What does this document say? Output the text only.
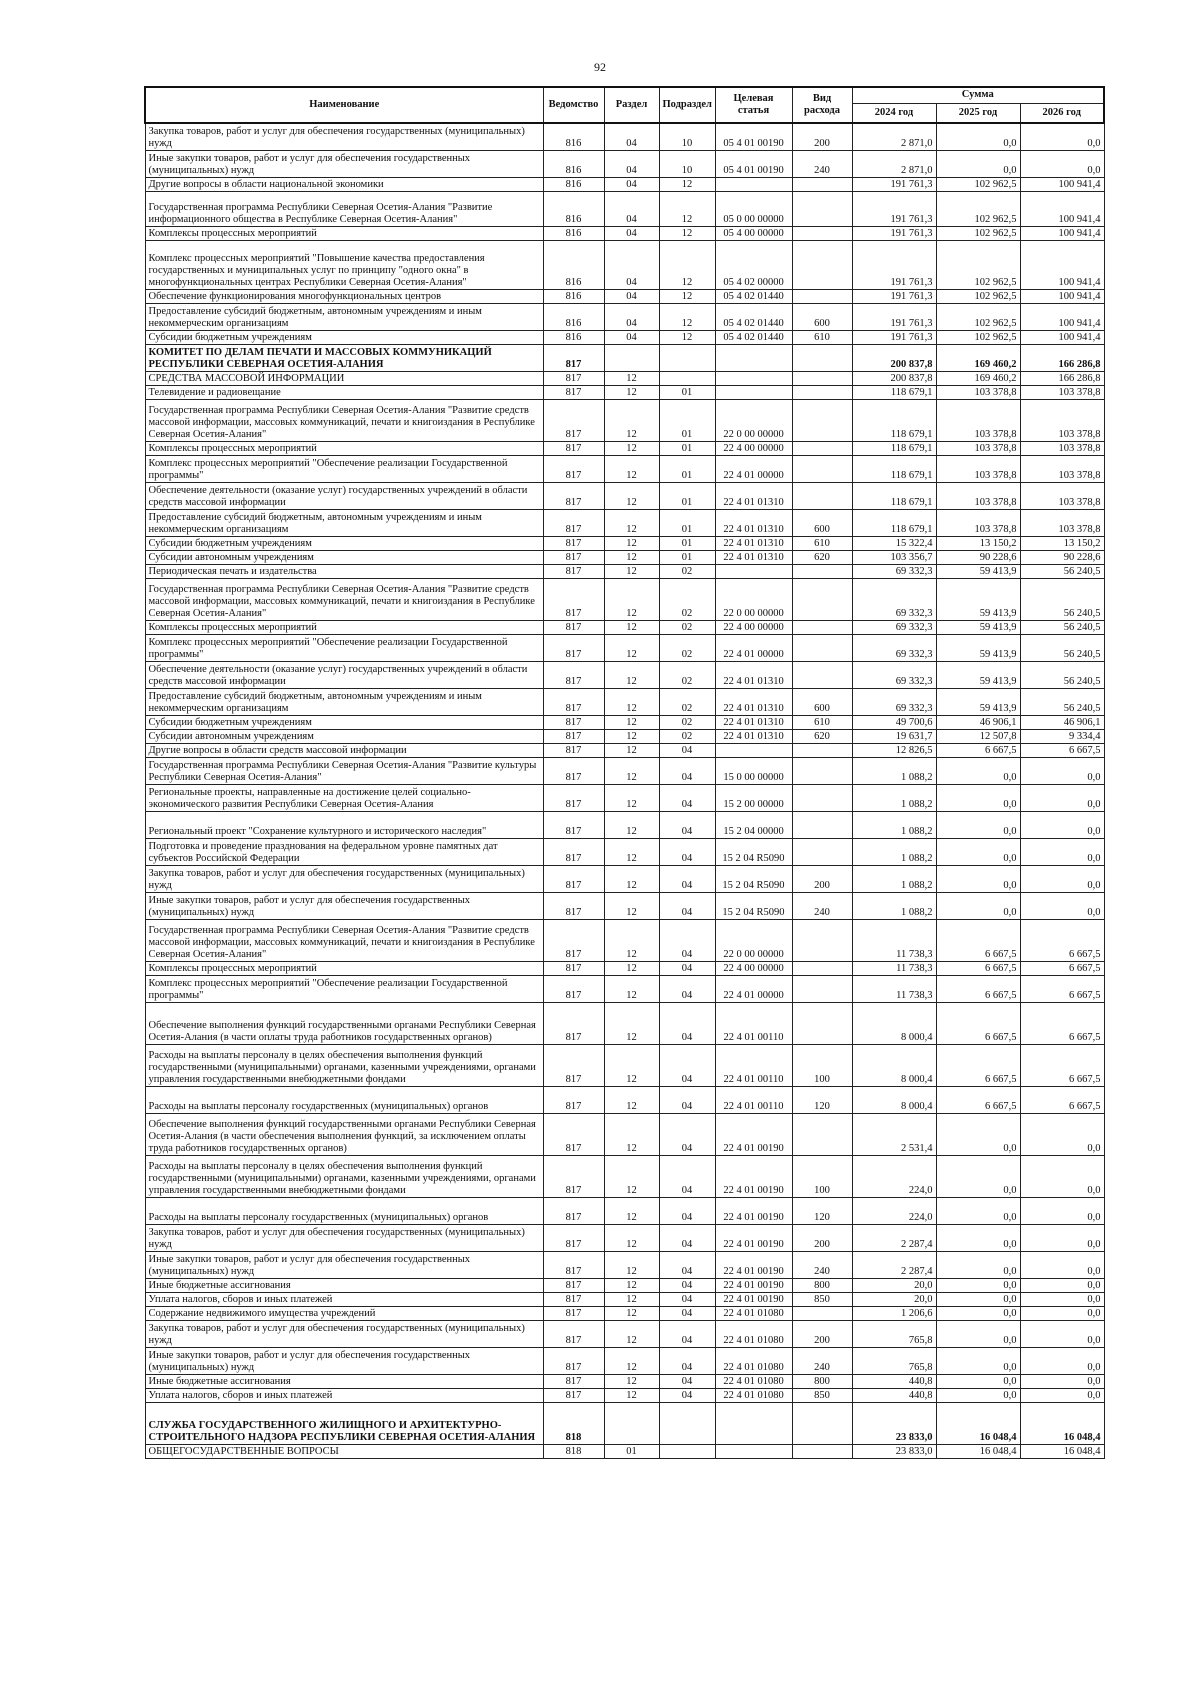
92
Наименование	Ведомство	Раздел	Подраздел	Целевая статья	Вид расхода	Сумма		
						2024 год	2025 год	2026 год
Закупка товаров, работ и услуг для обеспечения государственных (муниципальных) нужд	816	04	10	05 4 01 00190	200	2 871,0	0,0	0,0
Иные закупки товаров, работ и услуг для обеспечения государственных (муниципальных) нужд	816	04	10	05 4 01 00190	240	2 871,0	0,0	0,0
Другие вопросы в области национальной экономики	816	04	12			191 761,3	102 962,5	100 941,4
Государственная программа Республики Северная Осетия-Алания "Развитие информационного общества в Республике Северная Осетия-Алания"	816	04	12	05 0 00 00000		191 761,3	102 962,5	100 941,4
Комплексы процессных мероприятий	816	04	12	05 4 00 00000		191 761,3	102 962,5	100 941,4
Комплекс процессных мероприятий "Повышение качества предоставления государственных и муниципальных услуг по принципу "одного окна" в многофункциональных центрах Республики Северная Осетия-Алания"	816	04	12	05 4 02 00000		191 761,3	102 962,5	100 941,4
Обеспечение функционирования многофункциональных центров	816	04	12	05 4 02 01440		191 761,3	102 962,5	100 941,4
Предоставление субсидий бюджетным, автономным учреждениям и иным некоммерческим организациям	816	04	12	05 4 02 01440	600	191 761,3	102 962,5	100 941,4
Субсидии бюджетным учреждениям	816	04	12	05 4 02 01440	610	191 761,3	102 962,5	100 941,4
КОМИТЕТ ПО ДЕЛАМ ПЕЧАТИ И МАССОВЫХ КОММУНИКАЦИЙ РЕСПУБЛИКИ СЕВЕРНАЯ ОСЕТИЯ-АЛАНИЯ	817					200 837,8	169 460,2	166 286,8
СРЕДСТВА МАССОВОЙ ИНФОРМАЦИИ	817	12				200 837,8	169 460,2	166 286,8
Телевидение и радиовещание	817	12	01			118 679,1	103 378,8	103 378,8
Государственная программа Республики Северная Осетия-Алания "Развитие средств массовой информации, массовых коммуникаций, печати и книгоиздания в Республике Северная Осетия-Алания"	817	12	01	22 0 00 00000		118 679,1	103 378,8	103 378,8
Комплексы процессных мероприятий	817	12	01	22 4 00 00000		118 679,1	103 378,8	103 378,8
Комплекс процессных мероприятий "Обеспечение реализации Государственной программы"	817	12	01	22 4 01 00000		118 679,1	103 378,8	103 378,8
Обеспечение деятельности (оказание услуг) государственных учреждений в области средств массовой информации	817	12	01	22 4 01 01310		118 679,1	103 378,8	103 378,8
Предоставление субсидий бюджетным, автономным учреждениям и иным некоммерческим организациям	817	12	01	22 4 01 01310	600	118 679,1	103 378,8	103 378,8
Субсидии бюджетным учреждениям	817	12	01	22 4 01 01310	610	15 322,4	13 150,2	13 150,2
Субсидии автономным учреждениям	817	12	01	22 4 01 01310	620	103 356,7	90 228,6	90 228,6
Периодическая печать и издательства	817	12	02			69 332,3	59 413,9	56 240,5
Государственная программа Республики Северная Осетия-Алания "Развитие средств массовой информации, массовых коммуникаций, печати и книгоиздания в Республике Северная Осетия-Алания"	817	12	02	22 0 00 00000		69 332,3	59 413,9	56 240,5
Комплексы процессных мероприятий	817	12	02	22 4 00 00000		69 332,3	59 413,9	56 240,5
Комплекс процессных мероприятий "Обеспечение реализации Государственной программы"	817	12	02	22 4 01 00000		69 332,3	59 413,9	56 240,5
Обеспечение деятельности (оказание услуг) государственных учреждений в области средств массовой информации	817	12	02	22 4 01 01310		69 332,3	59 413,9	56 240,5
Предоставление субсидий бюджетным, автономным учреждениям и иным некоммерческим организациям	817	12	02	22 4 01 01310	600	69 332,3	59 413,9	56 240,5
Субсидии бюджетным учреждениям	817	12	02	22 4 01 01310	610	49 700,6	46 906,1	46 906,1
Субсидии автономным учреждениям	817	12	02	22 4 01 01310	620	19 631,7	12 507,8	9 334,4
Другие вопросы в области средств массовой информации	817	12	04			12 826,5	6 667,5	6 667,5
Государственная программа Республики Северная Осетия-Алания "Развитие культуры Республики Северная Осетия-Алания"	817	12	04	15 0 00 00000		1 088,2	0,0	0,0
Региональные проекты, направленные на достижение целей социально-экономического развития Республики Северная Осетия-Алания	817	12	04	15 2 00 00000		1 088,2	0,0	0,0
Региональный проект "Сохранение культурного и исторического наследия"	817	12	04	15 2 04 00000		1 088,2	0,0	0,0
Подготовка и проведение празднования на федеральном уровне памятных дат субъектов Российской Федерации	817	12	04	15 2 04 R5090		1 088,2	0,0	0,0
Закупка товаров, работ и услуг для обеспечения государственных (муниципальных) нужд	817	12	04	15 2 04 R5090	200	1 088,2	0,0	0,0
Иные закупки товаров, работ и услуг для обеспечения государственных (муниципальных) нужд	817	12	04	15 2 04 R5090	240	1 088,2	0,0	0,0
Государственная программа Республики Северная Осетия-Алания "Развитие средств массовой информации, массовых коммуникаций, печати и книгоиздания в Республике Северная Осетия-Алания"	817	12	04	22 0 00 00000		11 738,3	6 667,5	6 667,5
Комплексы процессных мероприятий	817	12	04	22 4 00 00000		11 738,3	6 667,5	6 667,5
Комплекс процессных мероприятий "Обеспечение реализации Государственной программы"	817	12	04	22 4 01 00000		11 738,3	6 667,5	6 667,5
Обеспечение выполнения функций государственными органами Республики Северная Осетия-Алания (в части оплаты труда работников государственных органов)	817	12	04	22 4 01 00110		8 000,4	6 667,5	6 667,5
Расходы на выплаты персоналу в целях обеспечения выполнения функций государственными (муниципальными) органами, казенными учреждениями, органами управления государственными внебюджетными фондами	817	12	04	22 4 01 00110	100	8 000,4	6 667,5	6 667,5
Расходы на выплаты персоналу государственных (муниципальных) органов	817	12	04	22 4 01 00110	120	8 000,4	6 667,5	6 667,5
Обеспечение выполнения функций государственными органами Республики Северная Осетия-Алания (в части обеспечения выполнения функций, за исключением оплаты труда работников государственных органов)	817	12	04	22 4 01 00190		2 531,4	0,0	0,0
Расходы на выплаты персоналу в целях обеспечения выполнения функций государственными (муниципальными) органами, казенными учреждениями, органами управления государственными внебюджетными фондами	817	12	04	22 4 01 00190	100	224,0	0,0	0,0
Расходы на выплаты персоналу государственных (муниципальных) органов	817	12	04	22 4 01 00190	120	224,0	0,0	0,0
Закупка товаров, работ и услуг для обеспечения государственных (муниципальных) нужд	817	12	04	22 4 01 00190	200	2 287,4	0,0	0,0
Иные закупки товаров, работ и услуг для обеспечения государственных (муниципальных) нужд	817	12	04	22 4 01 00190	240	2 287,4	0,0	0,0
Иные бюджетные ассигнования	817	12	04	22 4 01 00190	800	20,0	0,0	0,0
Уплата налогов, сборов и иных платежей	817	12	04	22 4 01 00190	850	20,0	0,0	0,0
Содержание недвижимого имущества учреждений	817	12	04	22 4 01 01080		1 206,6	0,0	0,0
Закупка товаров, работ и услуг для обеспечения государственных (муниципальных) нужд	817	12	04	22 4 01 01080	200	765,8	0,0	0,0
Иные закупки товаров, работ и услуг для обеспечения государственных (муниципальных) нужд	817	12	04	22 4 01 01080	240	765,8	0,0	0,0
Иные бюджетные ассигнования	817	12	04	22 4 01 01080	800	440,8	0,0	0,0
Уплата налогов, сборов и иных платежей	817	12	04	22 4 01 01080	850	440,8	0,0	0,0
СЛУЖБА ГОСУДАРСТВЕННОГО ЖИЛИЩНОГО И АРХИТЕКТУРНО-СТРОИТЕЛЬНОГО НАДЗОРА РЕСПУБЛИКИ СЕВЕРНАЯ ОСЕТИЯ-АЛАНИЯ	818					23 833,0	16 048,4	16 048,4
ОБЩЕГОСУДАРСТВЕННЫЕ ВОПРОСЫ	818	01				23 833,0	16 048,4	16 048,4
